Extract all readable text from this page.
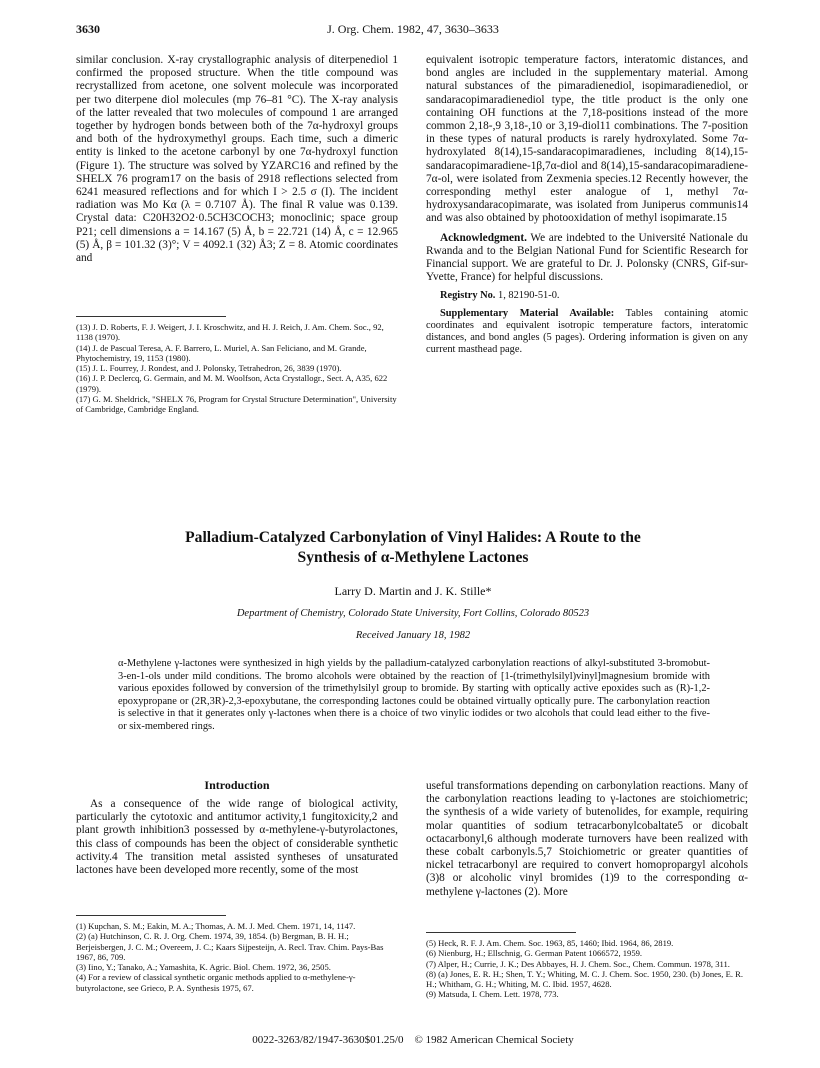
3630	J. Org. Chem. 1982, 47, 3630–3633

similar conclusion. X-ray crystallographic analysis of diterpenediol 1 confirmed the proposed structure. When the title compound was recrystallized from acetone, one solvent molecule was incorporated per two diterpene diol molecules (mp 76–81 °C). The X-ray analysis of the latter revealed that two molecules of compound 1 are arranged together by hydrogen bonds between both of the 7α-hydroxyl groups and both of the hydroxymethyl groups. Each time, such a dimeric entity is linked to the acetone carbonyl by one 7α-hydroxyl function (Figure 1). The structure was solved by YZARC16 and refined by the SHELX 76 program17 on the basis of 2918 reflections selected from 6241 measured reflections and for which I > 2.5 σ (I). The incident radiation was Mo Kα (λ = 0.7107 Å). The final R value was 0.139. Crystal data: C20H32O2·0.5CH3COCH3; monoclinic; space group P21; cell dimensions a = 14.167 (5) Å, b = 22.721 (14) Å, c = 12.965 (5) Å, β = 101.32 (3)°; V = 4092.1 (32) Å3; Z = 8. Atomic coordinates and

(13) J. D. Roberts, F. J. Weigert, J. I. Kroschwitz, and H. J. Reich, J. Am. Chem. Soc., 92, 1138 (1970).

(14) J. de Pascual Teresa, A. F. Barrero, L. Muriel, A. San Feliciano, and M. Grande, Phytochemistry, 19, 1153 (1980).

(15) J. L. Fourrey, J. Rondest, and J. Polonsky, Tetrahedron, 26, 3839 (1970).

(16) J. P. Declercq, G. Germain, and M. M. Woolfson, Acta Crystallogr., Sect. A, A35, 622 (1979).

(17) G. M. Sheldrick, "SHELX 76, Program for Crystal Structure Determination", University of Cambridge, Cambridge England.

equivalent isotropic temperature factors, interatomic distances, and bond angles are included in the supplementary material. Among natural substances of the pimaradienediol, isopimaradienediol, or sandaracopimaradienediol type, the title product is the only one containing OH functions at the 7,18-positions instead of the more common 2,18-,9 3,18-,10 or 3,19-diol11 combinations. The 7-position in these types of natural products is rarely hydroxylated. Some 7α-hydroxylated 8(14),15-sandaracopimaradienes, including 8(14),15-sandaracopimaradiene-1β,7α-diol and 8(14),15-sandaracopimaradiene-7α-ol, were isolated from Zexmenia species.12 Recently however, the corresponding methyl ester analogue of 1, methyl 7α-hydroxysandaracopimarate, was isolated from Juniperus communis14 and was also obtained by photooxidation of methyl isopimarate.15

Acknowledgment. We are indebted to the Université Nationale du Rwanda and to the Belgian National Fund for Scientific Research for Financial support. We are grateful to Dr. J. Polonsky (CNRS, Gif-sur-Yvette, France) for helpful discussions.

Registry No. 1, 82190-51-0.

Supplementary Material Available: Tables containing atomic coordinates and equivalent isotropic temperature factors, interatomic distances, and bond angles (5 pages). Ordering information is given on any current masthead page.

Palladium-Catalyzed Carbonylation of Vinyl Halides: A Route to the
Synthesis of α-Methylene Lactones
Larry D. Martin and J. K. Stille*
Department of Chemistry, Colorado State University, Fort Collins, Colorado 80523
Received January 18, 1982
α-Methylene γ-lactones were synthesized in high yields by the palladium-catalyzed carbonylation reactions of alkyl-substituted 3-bromobut-3-en-1-ols under mild conditions. The bromo alcohols were obtained by the reaction of [1-(trimethylsilyl)vinyl]magnesium bromide with various epoxides followed by conversion of the trimethylsilyl group to bromide. By starting with optically active epoxides such as (R)-1,2-epoxypropane or (2R,3R)-2,3-epoxybutane, the corresponding lactones could be obtained virtually optically pure. The carbonylation reaction is selective in that it generates only γ-lactones when there is a choice of two vinylic iodides or two alcohols that could lead either to the five- or six-membered rings.
Introduction

As a consequence of the wide range of biological activity, particularly the cytotoxic and antitumor activity,1 fungitoxicity,2 and plant growth inhibition3 possessed by α-methylene-γ-butyrolactones, this class of compounds has been the object of considerable synthetic activity.4 The transition metal assisted syntheses of unsaturated lactones have been developed more recently, some of the most

(1) Kupchan, S. M.; Eakin, M. A.; Thomas, A. M. J. Med. Chem. 1971, 14, 1147.

(2) (a) Hutchinson, C. R. J. Org. Chem. 1974, 39, 1854. (b) Bergman, B. H. H.; Berjeisbergen, J. C. M.; Overeem, J. C.; Kaars Sijpesteijn, A. Recl. Trav. Chim. Pays-Bas 1967, 86, 709.

(3) Iino, Y.; Tanako, A.; Yamashita, K. Agric. Biol. Chem. 1972, 36, 2505.

(4) For a review of classical synthetic organic methods applied to α-methylene-γ-butyrolactone, see Grieco, P. A. Synthesis 1975, 67.

useful transformations depending on carbonylation reactions. Many of the carbonylation reactions leading to γ-lactones are stoichiometric; the synthesis of a wide variety of butenolides, for example, requiring molar quantities of sodium tetracarbonylcobaltate5 or dicobalt octacarbonyl,6 although moderate turnovers have been realized with these cobalt carbonyls.5,7 Stoichiometric or greater quantities of nickel tetracarbonyl are required to convert homopropargyl alcohols (3)8 or alcoholic vinyl bromides (1)9 to the corresponding α-methylene γ-lactones (2). More

(5) Heck, R. F. J. Am. Chem. Soc. 1963, 85, 1460; Ibid. 1964, 86, 2819.

(6) Nienburg, H.; Ellschnig, G. German Patent 1066572, 1959.

(7) Alper, H.; Currie, J. K.; Des Abbayes, H. J. Chem. Soc., Chem. Commun. 1978, 311.

(8) (a) Jones, E. R. H.; Shen, T. Y.; Whiting, M. C. J. Chem. Soc. 1950, 230. (b) Jones, E. R. H.; Whitham, G. H.; Whiting, M. C. Ibid. 1957, 4628.

(9) Matsuda, I. Chem. Lett. 1978, 773.

0022-3263/82/1947-3630$01.25/0 © 1982 American Chemical Society
